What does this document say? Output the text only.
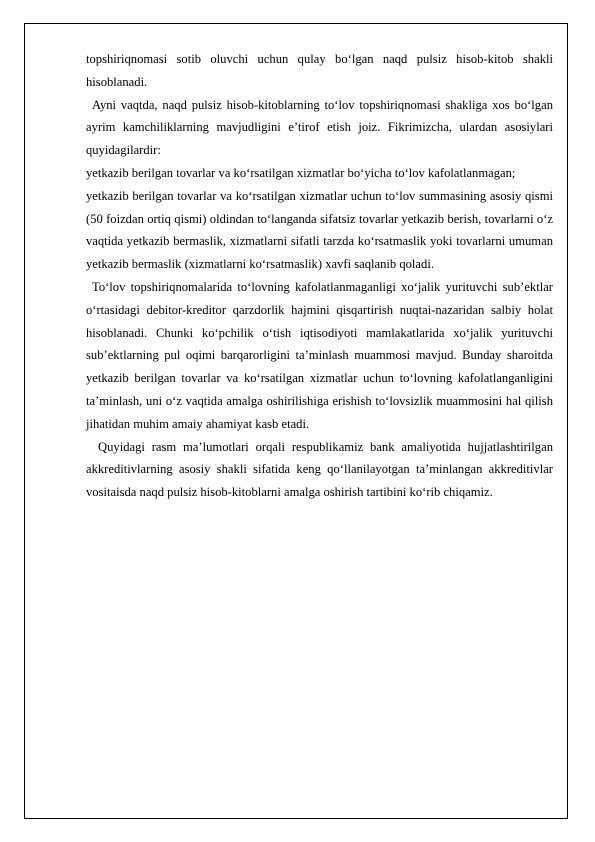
topshiriqnomasi sotib oluvchi uchun qulay bo‘lgan naqd pulsiz hisob-kitob shakli hisoblanadi.

Ayni vaqtda, naqd pulsiz hisob-kitoblarning to‘lov topshiriqnomasi shakliga xos bo‘lgan ayrim kamchiliklarning mavjudligini e’tirof etish joiz. Fikrimizcha, ulardan asosiylari quyidagilardir:

yetkazib berilgan tovarlar va ko‘rsatilgan xizmatlar bo‘yicha to‘lov kafolatlanmagan;

yetkazib berilgan tovarlar va ko‘rsatilgan xizmatlar uchun to‘lov summasining asosiy qismi (50 foizdan ortiq qismi) oldindan to‘langanda sifatsiz tovarlar yetkazib berish, tovarlarni o‘z vaqtida yetkazib bermaslik, xizmatlarni sifatli tarzda ko‘rsatmaslik yoki tovarlarni umuman yetkazib bermaslik (xizmatlarni ko‘rsatmaslik) xavfi saqlanib qoladi.

To‘lov topshiriqnomalarida to‘lovning kafolatlanmaganligi xo‘jalik yurituvchi sub’ektlar o‘rtasidagi debitor-kreditor qarzdorlik hajmini qisqartirish nuqtai-nazaridan salbiy holat hisoblanadi. Chunki ko‘pchilik o‘tish iqtisodiyoti mamlakatlarida xo‘jalik yurituvchi sub’ektlarning pul oqimi barqarorligini ta’minlash muammosi mavjud. Bunday sharoitda yetkazib berilgan tovarlar va ko‘rsatilgan xizmatlar uchun to‘lovning kafolatlanganligini ta’minlash, uni o‘z vaqtida amalga oshirilishiga erishish to‘lovsizlik muammosini hal qilish jihatidan muhim amaiy ahamiyat kasb etadi.

Quyidagi rasm ma’lumotlari orqali respublikamiz bank amaliyotida hujjatlashtirilgan akkreditivlarning asosiy shakli sifatida keng qo‘llanilayotgan ta’minlangan akkreditivlar vositaisda naqd pulsiz hisob-kitoblarni amalga oshirish tartibini ko‘rib chiqamiz.
